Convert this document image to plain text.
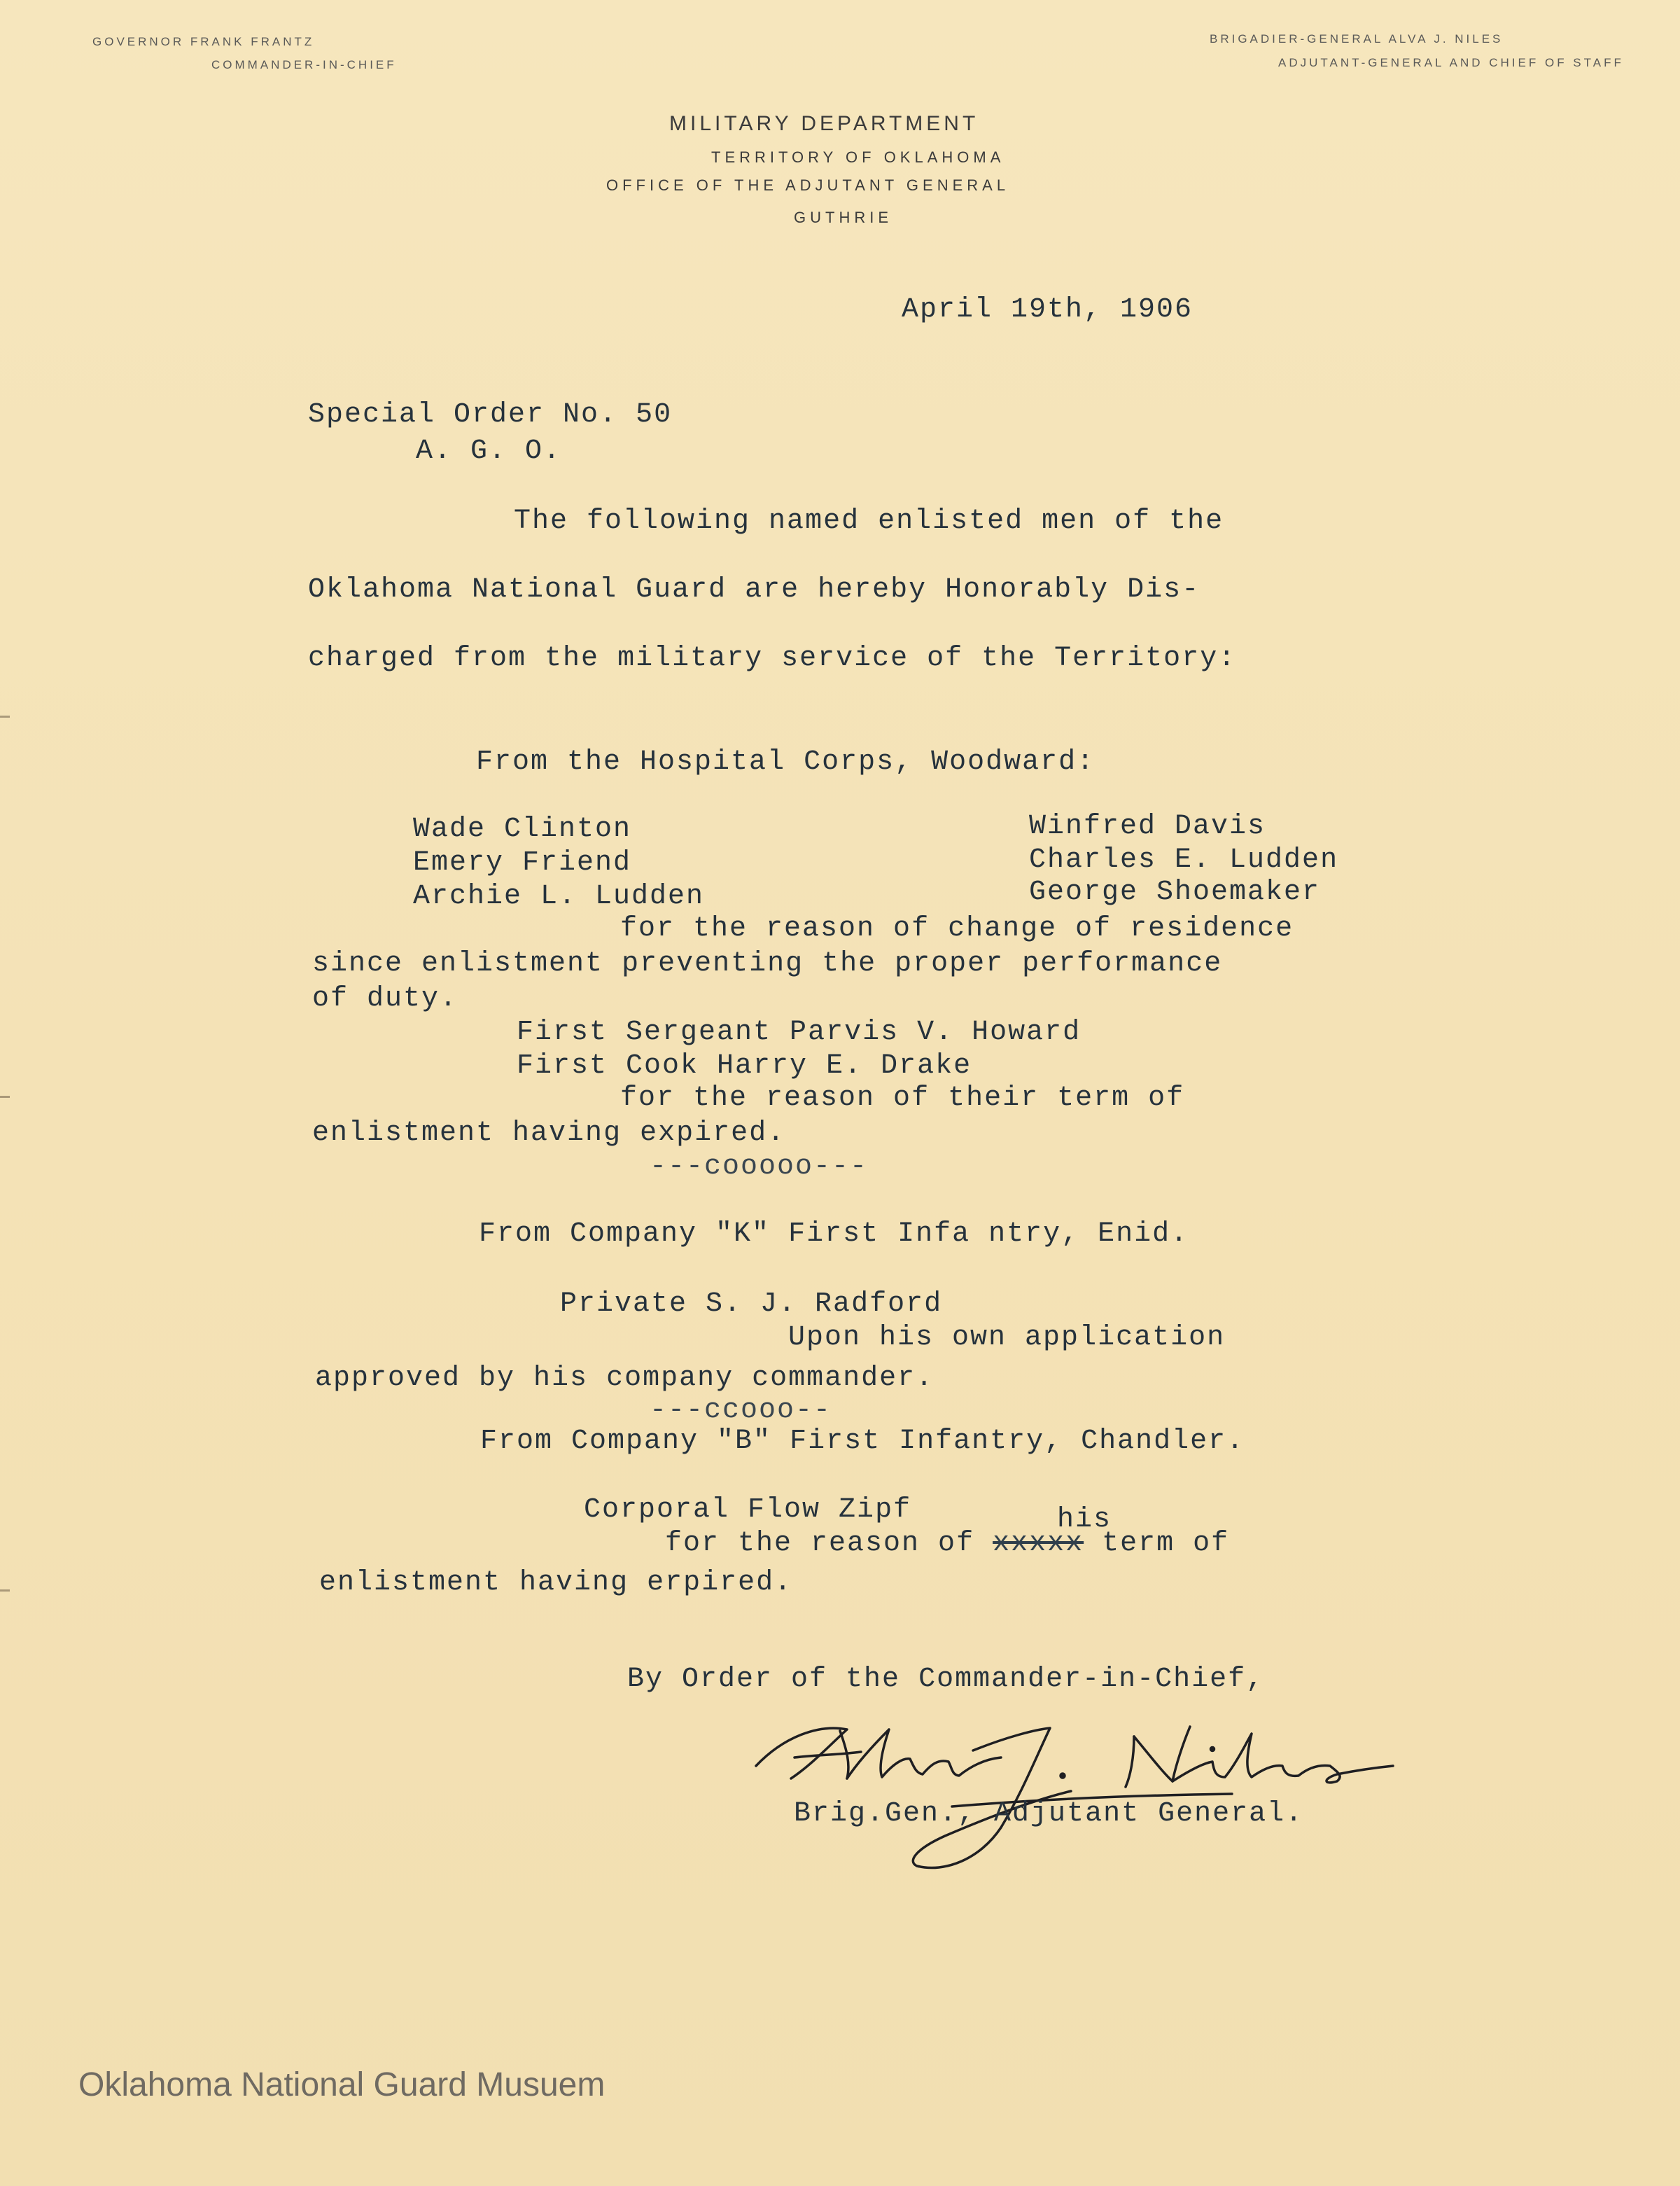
GOVERNOR FRANK FRANTZ
COMMANDER-IN-CHIEF
BRIGADIER-GENERAL ALVA J. NILES
ADJUTANT-GENERAL AND CHIEF OF STAFF
MILITARY DEPARTMENT
TERRITORY OF OKLAHOMA
OFFICE OF THE ADJUTANT GENERAL
GUTHRIE
April 19th, 1906
Special Order No. 50
A. G. O.
The following named enlisted men of the
Oklahoma National Guard are hereby Honorably Dis-
charged from the military service of the Territory:
From the Hospital Corps, Woodward:
Wade Clinton
Emery Friend
Archie L. Ludden
Winfred Davis
Charles E. Ludden
George Shoemaker
for the reason of change of residence
since enlistment preventing the proper performance
of duty.
First Sergeant Parvis V. Howard
First Cook Harry E. Drake
for the reason of their term of
enlistment having expired.
---cooooo---
From Company "K" First Infa ntry, Enid.
Private S. J. Radford
Upon his own application
approved by his company commander.
---ccooo--
From Company "B" First Infantry, Chandler.
Corporal Flow Zipf	his
for the reason of xxxxx term of
enlistment having erpired.
By Order of the Commander-in-Chief,
Brig.Gen., Adjutant General.
Oklahoma National Guard Musuem
